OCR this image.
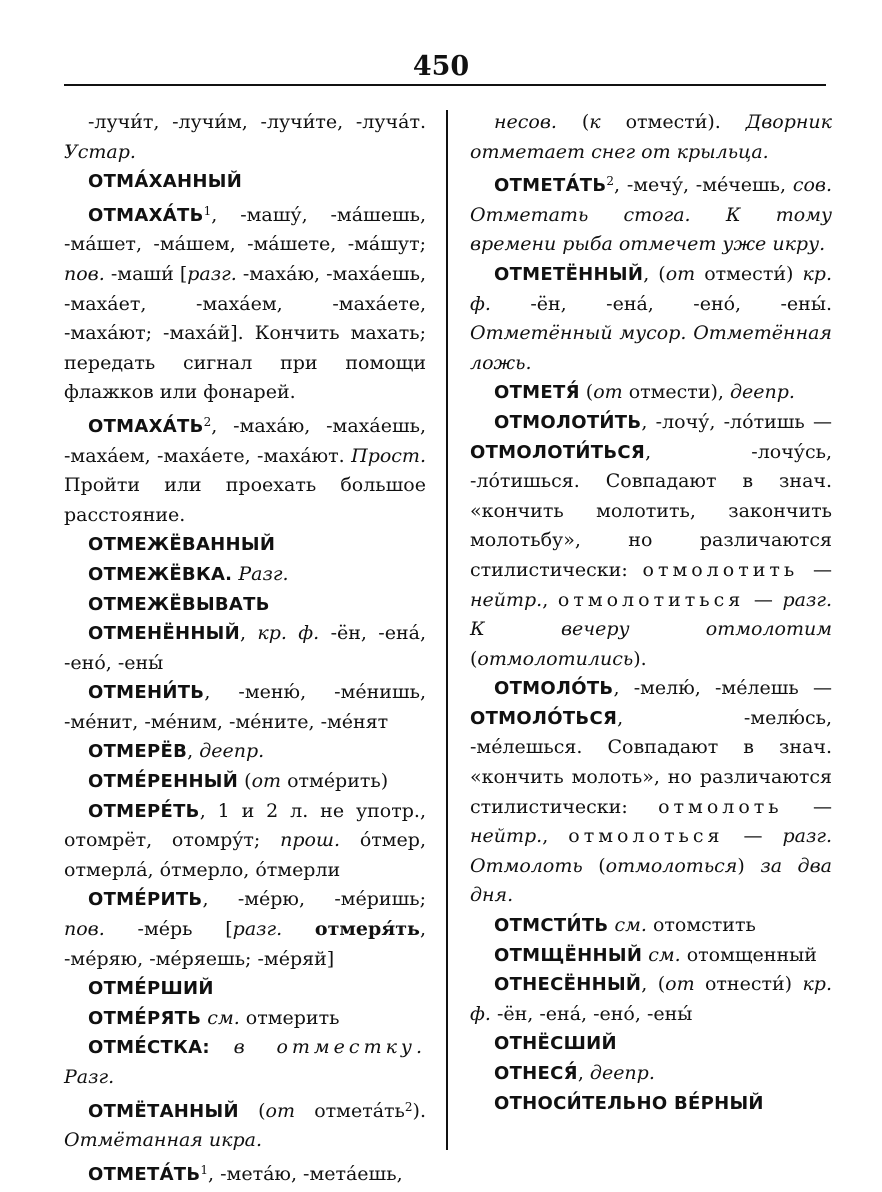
450

-лучи́т, -лучи́м, -лучи́те, -луча́т. Устар.

ОТМА́ХАННЫЙ

$ОТМАХА́ТЬ^1$, -машу́, -ма́шешь, -ма́шет, -ма́шем, -ма́шете, -ма́шут; пов. -маши́ [разг. -маха́ю, -маха́ешь, -маха́ет, -маха́ем, -маха́ете, -маха́ют; -маха́й]. Кончить махать; передать сигнал при помощи флажков или фонарей.

$ОТМАХА́ТЬ^2$, -маха́ю, -маха́ешь, -маха́ем, -маха́ете, -маха́ют. Прост. Пройти или проехать большое расстояние.

ОТМЕЖЁВАННЫЙ

ОТМЕЖЁВКА. Разг.

ОТМЕЖЁВЫВАТЬ

ОТМЕНЁННЫЙ, кр. ф. -ён, -ена́, -ено́, -ены́

ОТМЕНИ́ТЬ, -меню́, -ме́нишь, -ме́нит, -ме́ним, -ме́ните, -ме́нят

ОТМЕРЁВ, деепр.

ОТМЕ́РЕННЫЙ (от отме́рить)

ОТМЕРЕ́ТЬ, 1 и 2 л. не употр., отомрёт, отомру́т; прош. о́тмер, отмерла́, о́тмерло, о́тмерли

ОТМЕ́РИТЬ, -ме́рю, -ме́ришь; пов. -ме́рь [разг. отмеря́ть, -ме́ряю, -ме́ряешь; -ме́ряй]

ОТМЕ́РШИЙ

ОТМЕ́РЯТЬ см. отмерить

ОТМЕ́СТКА: в отместку. Разг.

ОТМЁТАННЫЙ (от $отмета́ть^2$). Отмётанная икра.

$ОТМЕТА́ТЬ^1$, -мета́ю, -мета́ешь,

несов. (к отмести́). Дворник отметает снег от крыльца.

$ОТМЕТА́ТЬ^2$, -мечу́, -ме́чешь, сов. Отметать стога. К тому времени рыба отмечет уже икру.

ОТМЕТЁННЫЙ, (от отмести́) кр. ф. -ён, -ена́, -ено́, -ены́. Отметённый мусор. Отметённая ложь.

ОТМЕТЯ́ (от отмести), деепр.

ОТМОЛОТИ́ТЬ, -лочу́, -ло́тишь — ОТМОЛОТИ́ТЬСЯ, -лочу́сь, -ло́тишься. Совпадают в знач. «кончить молотить, закончить молотьбу», но различаются стилистически: отмолотить — нейтр., отмолотиться — разг. К вечеру отмолотим (отмолотились).

ОТМОЛО́ТЬ, -мелю́, -ме́лешь — ОТМОЛО́ТЬСЯ, -мелю́сь, -ме́лешься. Совпадают в знач. «кончить молоть», но различаются стилистически: отмолоть — нейтр., отмолоться — разг. Отмолоть (отмолоться) за два дня.

ОТМСТИ́ТЬ см. отомстить

ОТМЩЁННЫЙ см. отомщенный

ОТНЕСЁННЫЙ, (от отнести́) кр. ф. -ён, -ена́, -ено́, -ены́

ОТНЁСШИЙ

ОТНЕСЯ́, деепр.

ОТНОСИ́ТЕЛЬНО ВЕ́РНЫЙ
